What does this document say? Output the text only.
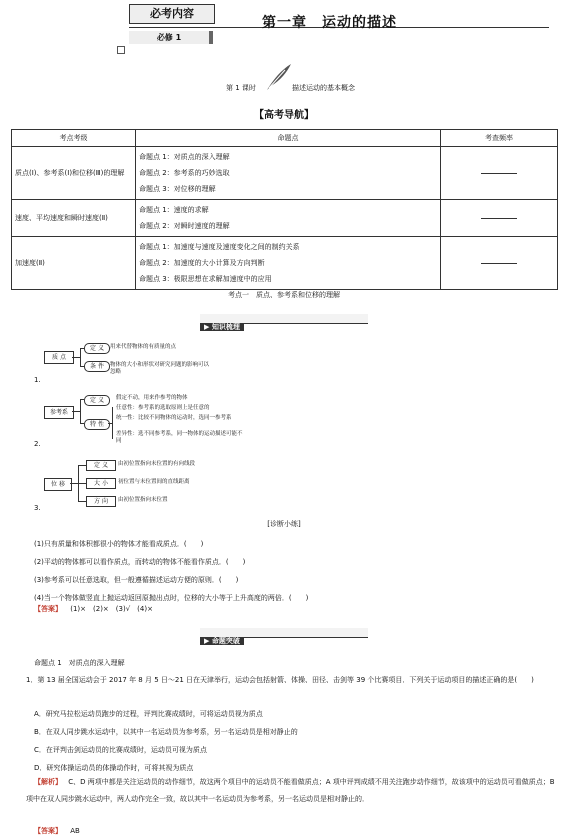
必考内容
必修 1
第一章　运动的描述
第 1 课时	描述运动的基本概念
【高考导航】
考点考级	命题点	考查频率
质点(Ⅰ)、参考系(Ⅰ)和位移(Ⅲ)的理解	命题点 1：对质点的深入理解
命题点 2：参考系的巧妙选取
命题点 3：对位移的理解	

速度、平均速度和瞬时速度(Ⅱ)	命题点 1：速度的求解
命题点 2：对瞬时速度的理解	

加速度(Ⅱ)	命题点 1：加速度与速度及速度变化之间的制约关系
命题点 2：加速度的大小计算及方向判断
命题点 3：极限思想在求解加速度中的应用	

考点一　质点、参考系和位移的理解
▶ 知识梳理
质 点
定 义
条 件
用来代替物体的有质量的点
物体的大小和形状对研究问题的影响可以忽略
1.
参考系
定 义
特 性
假定不动，用来作参考的物体
任意性：参考系的选取原则上是任意的
统一性：比较不同物体的运动时，选同一参考系
差异性：选不同参考系，同一物体的运动描述可能不同
2.
位 移
定 义
大 小
方 向
由初位置指向末位置的有向线段
初位置与末位置间的直线距离
由初位置指向末位置
3.
[诊断小练]
(1)只有质量和体积都很小的物体才能看成质点．(　　)
(2)平动的物体都可以看作质点，而转动的物体不能看作质点．(　　)
(3)参考系可以任意选取，但一般遵循描述运动方便的原则．(　　)
(4)当一个物体做竖直上抛运动返回原抛出点时，位移的大小等于上升高度的两倍．(　　)
【答案】 (1)×　(2)×　(3)√　(4)×
▶ 命题突破
命题点 1　对质点的深入理解
1．第 13 届全国运动会于 2017 年 8 月 5 日～21 日在天津举行，运动会包括射箭、体操、田径、击剑等 39 个比赛项目．下列关于运动项目的描述正确的是(　　)
A．研究马拉松运动员跑步的过程，评判比赛成绩时，可将运动员视为质点
B．在双人同步跳水运动中，以其中一名运动员为参考系，另一名运动员是相对静止的
C．在评判击剑运动员的比赛成绩时，运动员可视为质点
D．研究体操运动员的体操动作时，可将其视为质点
【解析】 C、D 两项中都是关注运动员的动作细节，故这两个项目中的运动员不能看做质点；A 项中评判成绩不用关注跑步动作细节，故该项中的运动员可看做质点；B 项中在双人同步跳水运动中，两人动作完全一致，故以其中一名运动员为参考系，另一名运动员是相对静止的．
【答案】 AB
